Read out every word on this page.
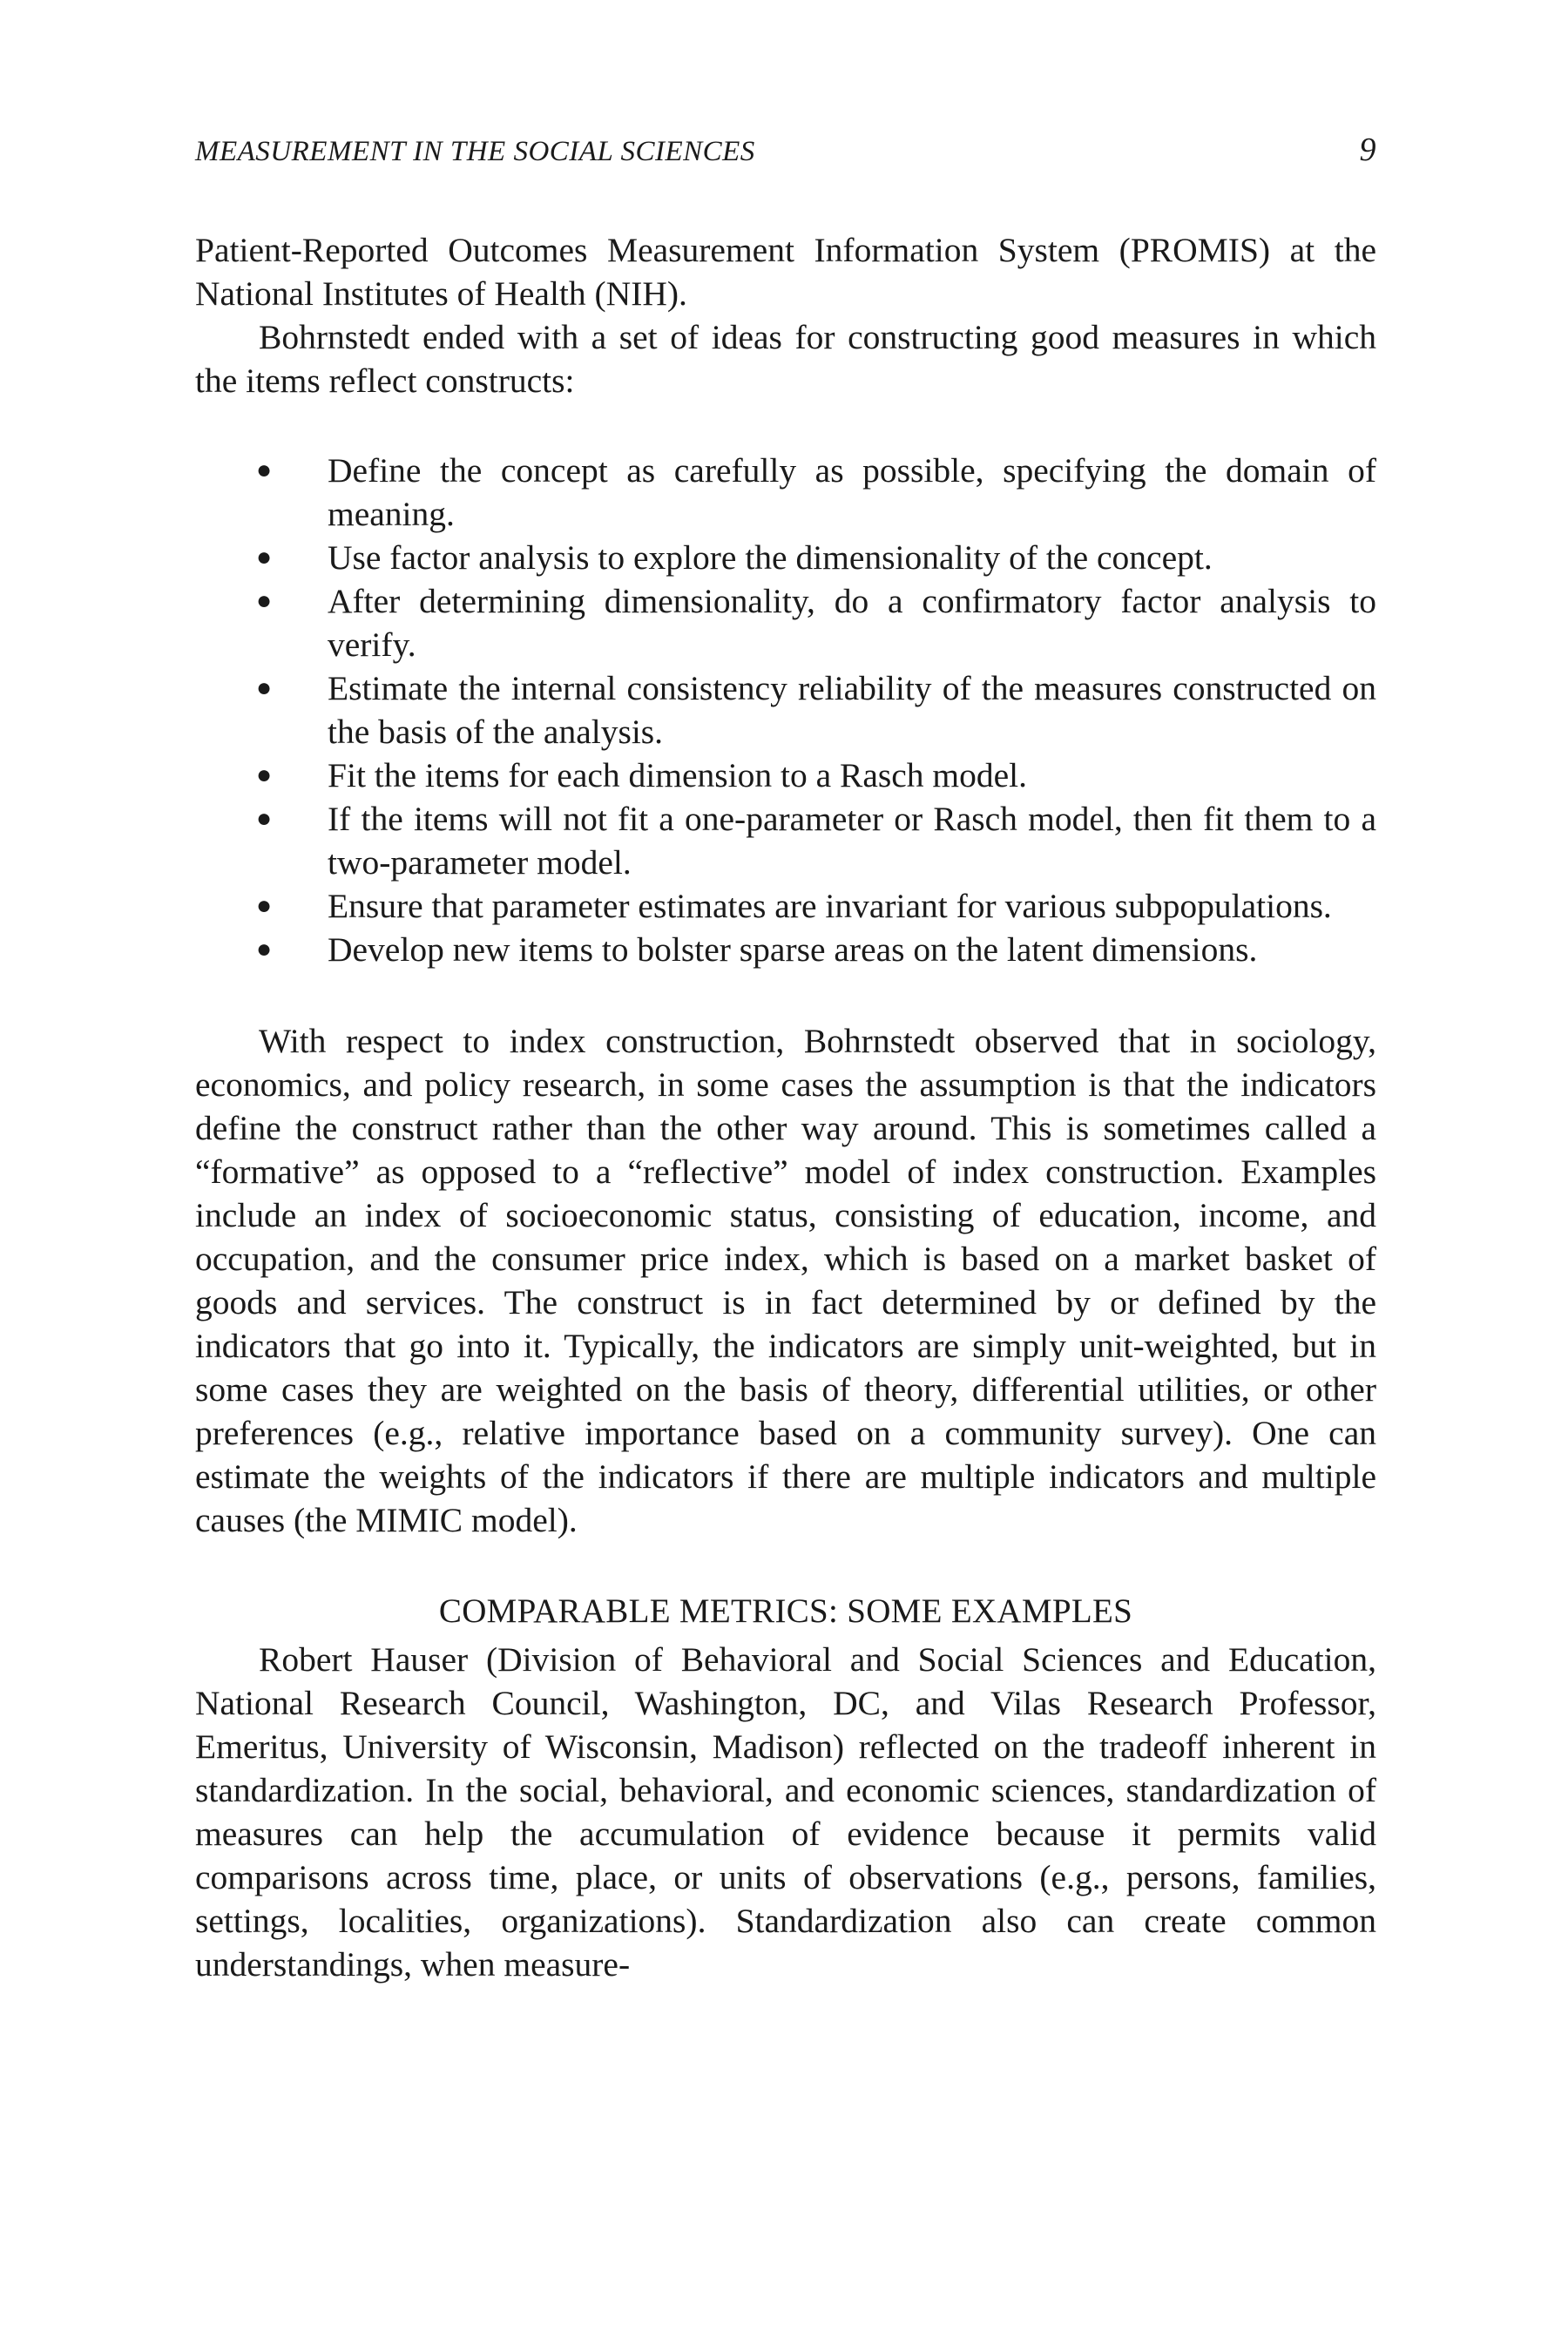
MEASUREMENT IN THE SOCIAL SCIENCES	9

Patient-Reported Outcomes Measurement Information System (PROMIS) at the National Institutes of Health (NIH).

Bohrnstedt ended with a set of ideas for constructing good measures in which the items reflect constructs:

● Define the concept as carefully as possible, specifying the domain of meaning.
● Use factor analysis to explore the dimensionality of the concept.
● After determining dimensionality, do a confirmatory factor analysis to verify.
● Estimate the internal consistency reliability of the measures constructed on the basis of the analysis.
● Fit the items for each dimension to a Rasch model.
● If the items will not fit a one-parameter or Rasch model, then fit them to a two-parameter model.
● Ensure that parameter estimates are invariant for various subpopulations.
● Develop new items to bolster sparse areas on the latent dimensions.

With respect to index construction, Bohrnstedt observed that in sociology, economics, and policy research, in some cases the assumption is that the indicators define the construct rather than the other way around. This is sometimes called a “formative” as opposed to a “reflective” model of index construction. Examples include an index of socioeconomic status, consisting of education, income, and occupation, and the consumer price index, which is based on a market basket of goods and services. The construct is in fact determined by or defined by the indicators that go into it. Typically, the indicators are simply unit-weighted, but in some cases they are weighted on the basis of theory, differential utilities, or other preferences (e.g., relative importance based on a community survey). One can estimate the weights of the indicators if there are multiple indicators and multiple causes (the MIMIC model).

COMPARABLE METRICS: SOME EXAMPLES

Robert Hauser (Division of Behavioral and Social Sciences and Education, National Research Council, Washington, DC, and Vilas Research Professor, Emeritus, University of Wisconsin, Madison) reflected on the tradeoff inherent in standardization. In the social, behavioral, and economic sciences, standardization of measures can help the accumulation of evidence because it permits valid comparisons across time, place, or units of observations (e.g., persons, families, settings, localities, organizations). Standardization also can create common understandings, when measure-
